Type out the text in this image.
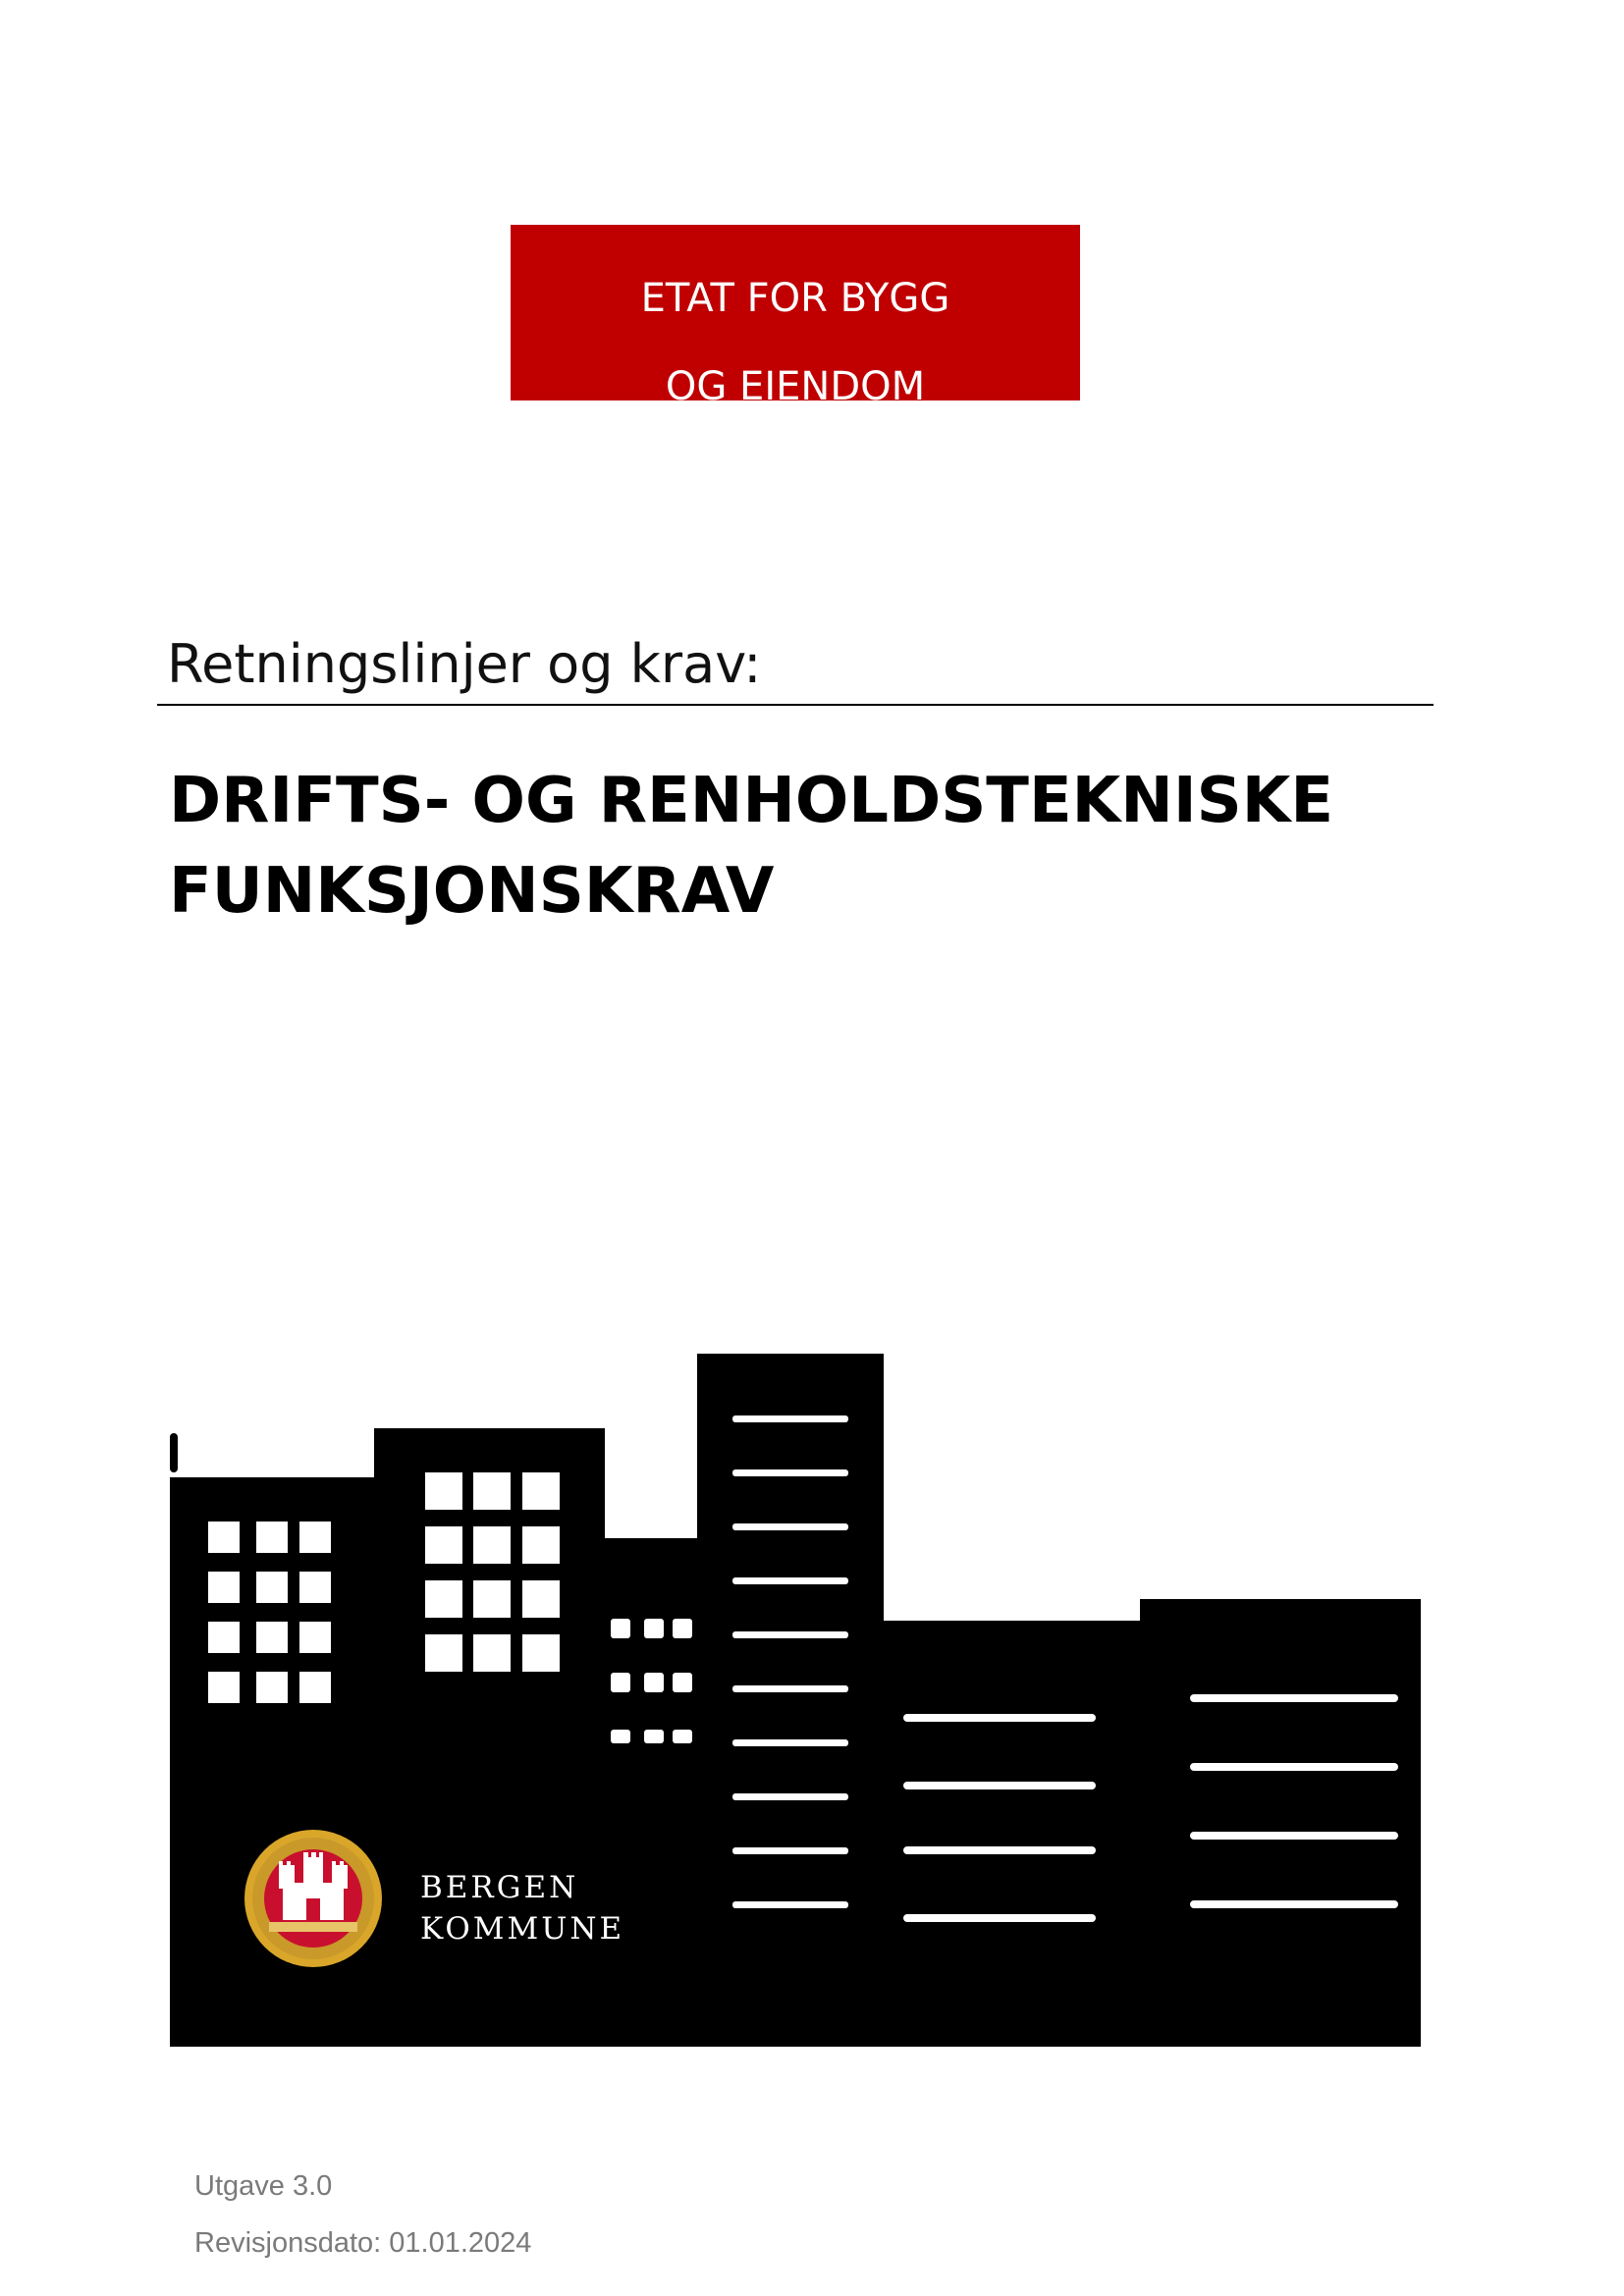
ETAT FOR BYGG
OG EIENDOM
Retningslinjer og krav:
DRIFTS- OG RENHOLDSTEKNISKE
FUNKSJONSKRAV
BERGEN
KOMMUNE
Utgave 3.0
Revisjonsdato: 01.01.2024
